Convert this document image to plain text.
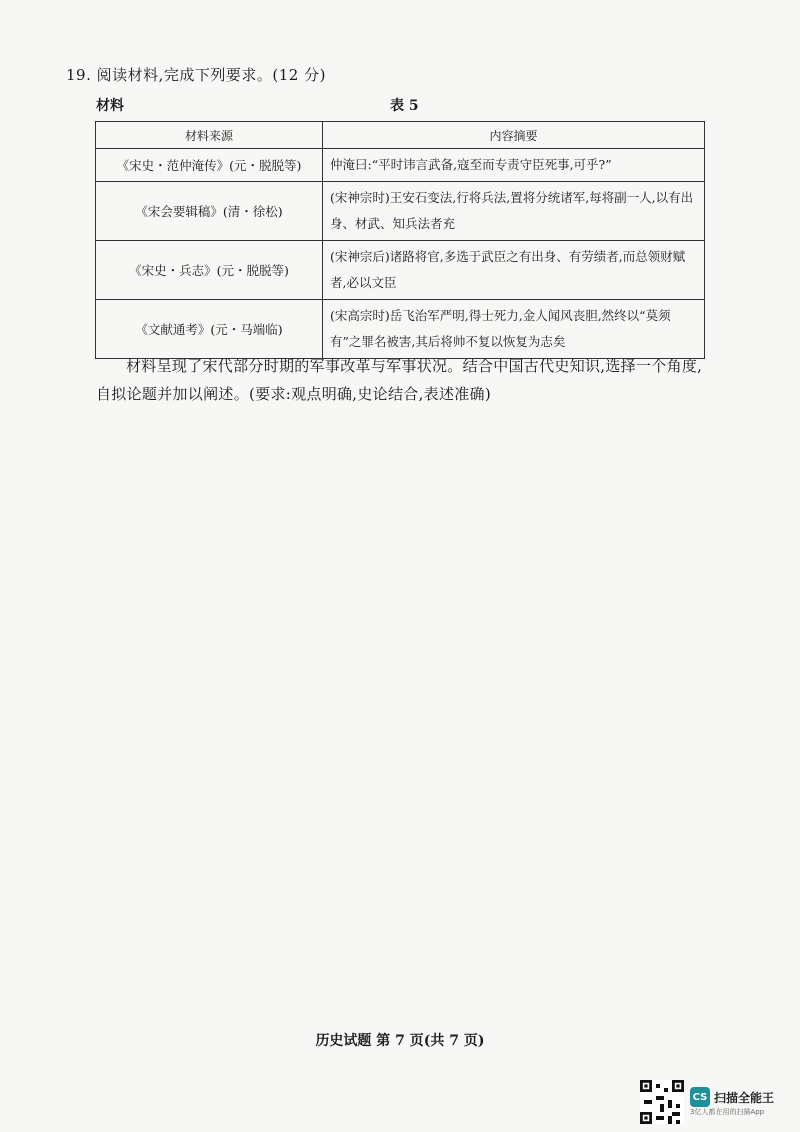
19. 阅读材料,完成下列要求。(12 分)
材料	表 5
材料来源	内容摘要
《宋史・范仲淹传》(元・脱脱等)	仲淹曰:“平时讳言武备,寇至而专责守臣死事,可乎?”
《宋会要辑稿》(清・徐松)	(宋神宗时)王安石变法,行将兵法,置将分统诸军,每将副一人,以有出身、材武、知兵法者充
《宋史・兵志》(元・脱脱等)	(宋神宗后)诸路将官,多选于武臣之有出身、有劳绩者,而总领财赋者,必以文臣
《文献通考》(元・马端临)	(宋高宗时)岳飞治军严明,得士死力,金人闻风丧胆,然终以“莫须有”之罪名被害,其后将帅不复以恢复为志矣
材料呈现了宋代部分时期的军事改革与军事状况。结合中国古代史知识,选择一个角度,自拟论题并加以阐述。(要求:观点明确,史论结合,表述准确)
历史试题 第 7 页(共 7 页)
CS 扫描全能王
3亿人都在用的扫描App
